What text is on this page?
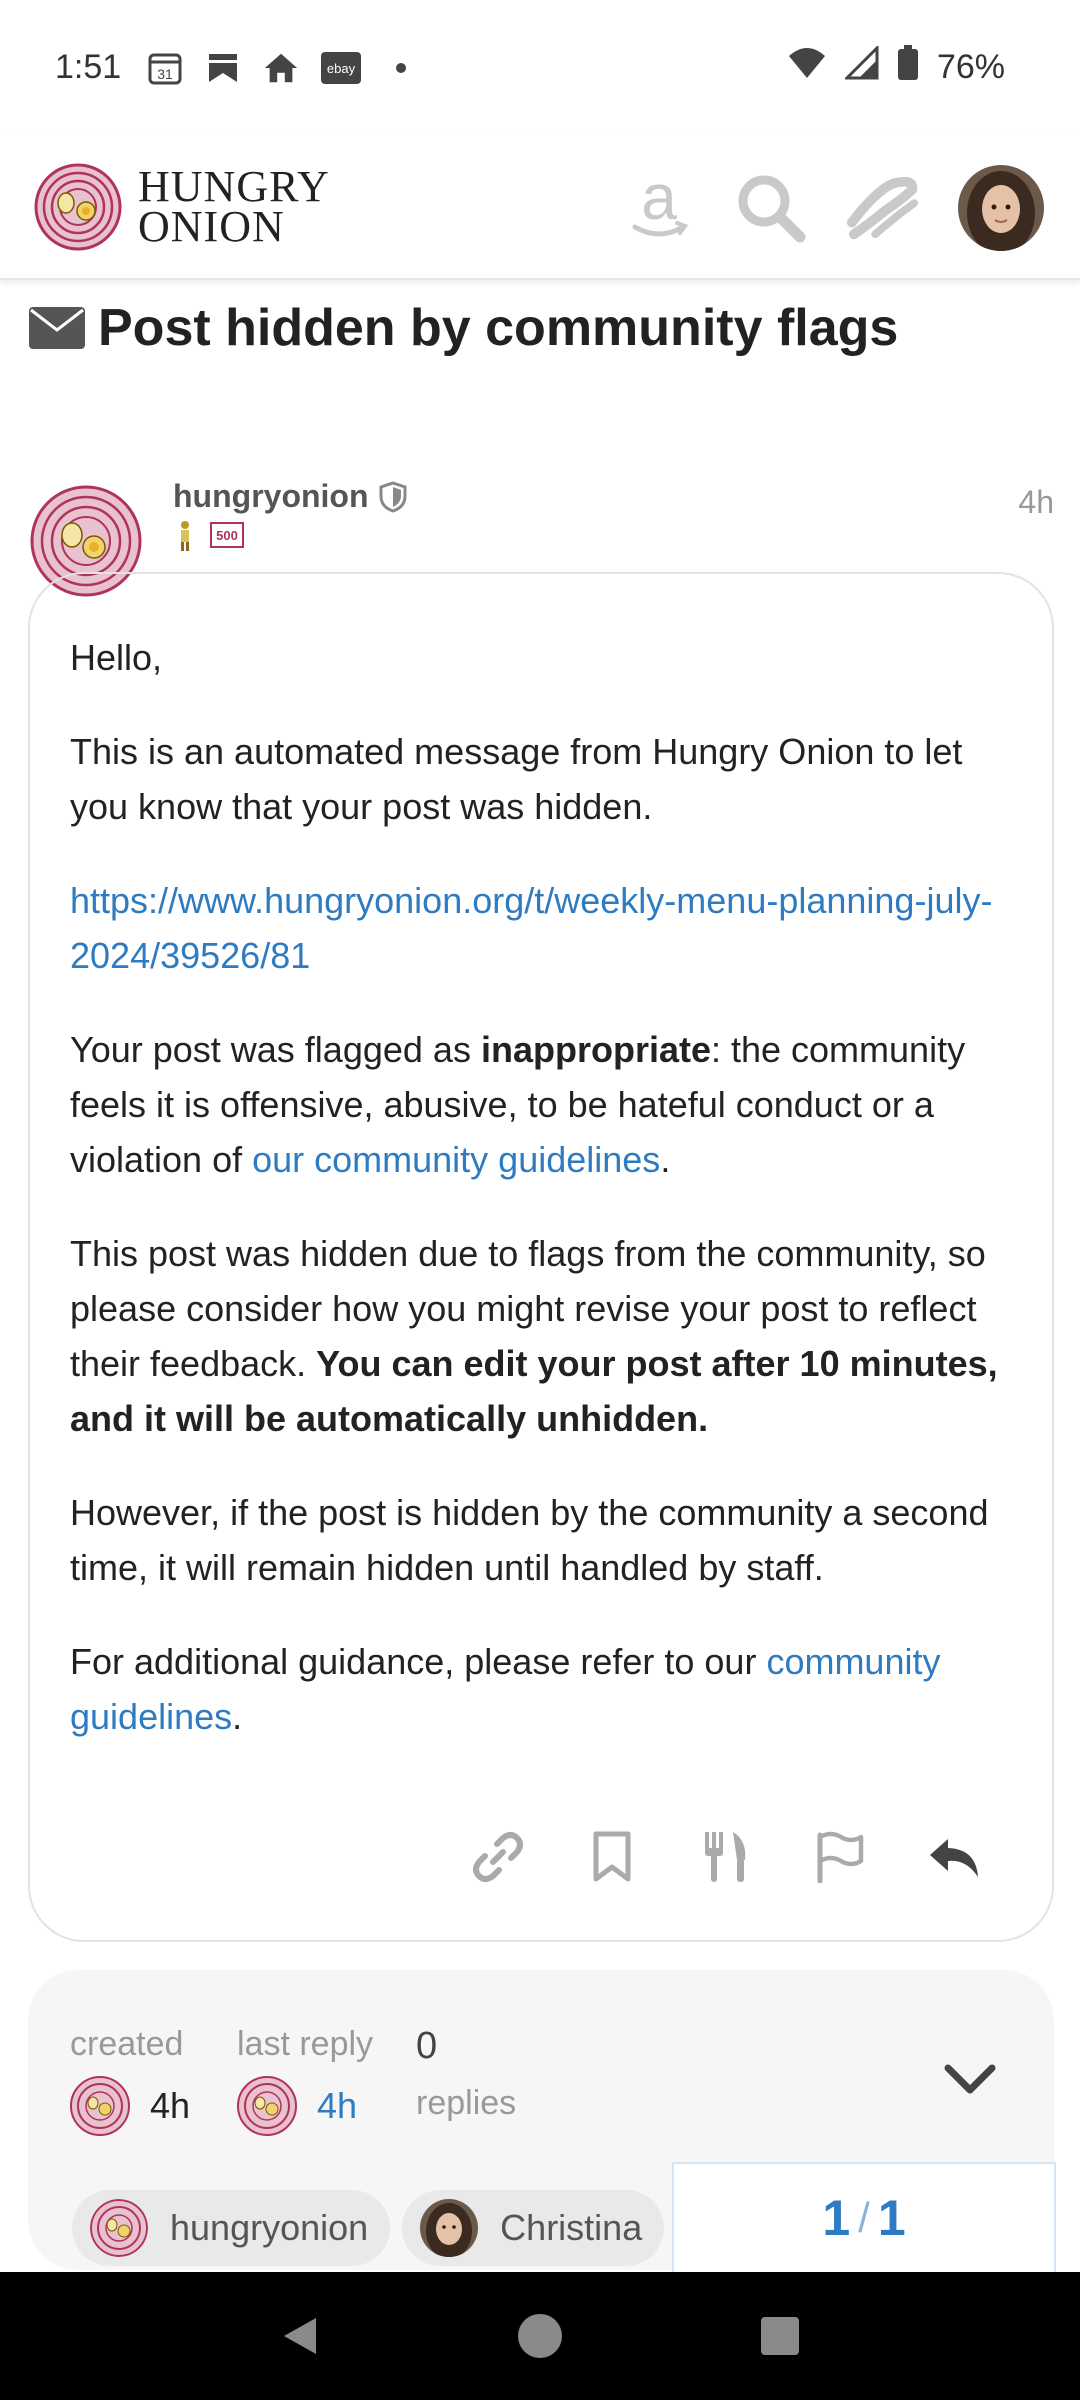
1:51	31	ebay	76%
HUNGRY
ONION	a
Post hidden by community flags
hungryonion
500
4h

Hello,

This is an automated message from Hungry Onion to let you know that your post was hidden.

https://www.hungryonion.org/t/weekly-menu-planning-july-2024/39526/81

Your post was flagged as inappropriate: the community feels it is offensive, abusive, to be hateful conduct or a violation of our community guidelines.

This post was hidden due to flags from the community, so please consider how you might revise your post to reflect their feedback. You can edit your post after 10 minutes, and it will be automatically unhidden.

However, if the post is hidden by the community a second time, it will remain hidden until handled by staff.

For additional guidance, please refer to our community guidelines.

created
4h
last reply
4h
0
replies
hungryonion	Christina	1 / 1
